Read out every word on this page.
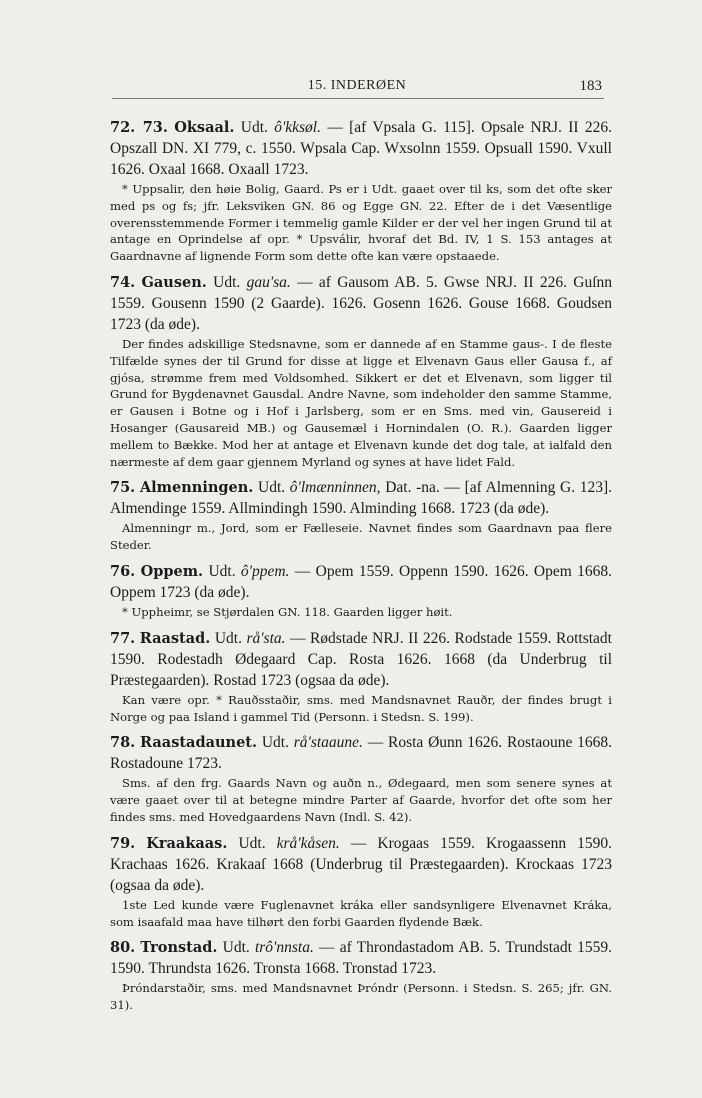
15. INDERØEN	183

72. 73. Oksaal. Udt. ô'kksøl. — [af Vpsala G. 115]. Opsale NRJ. II 226. Opszall DN. XI 779, c. 1550. Wpsala Cap. Wxsolnn 1559. Opsuall 1590. Vxull 1626. Oxaal 1668. Oxaall 1723.

* Uppsalir, den høie Bolig, Gaard. Ps er i Udt. gaaet over til ks, som det ofte sker med ps og fs; jfr. Leksviken GN. 86 og Egge GN. 22. Efter de i det Væsentlige overensstemmende Former i temmelig gamle Kilder er der vel her ingen Grund til at antage en Oprindelse af opr. * Upsválir, hvoraf det Bd. IV, 1 S. 153 antages at Gaardnavne af lignende Form som dette ofte kan være opstaaede.

74. Gausen. Udt. gau'sa. — af Gausom AB. 5. Gwse NRJ. II 226. Guſnn 1559. Gousenn 1590 (2 Gaarde). 1626. Gosenn 1626. Gouse 1668. Goudsen 1723 (da øde).

Der findes adskillige Stedsnavne, som er dannede af en Stamme gaus-. I de fleste Tilfælde synes der til Grund for disse at ligge et Elvenavn Gaus eller Gausa f., af gjósa, strømme frem med Voldsomhed. Sikkert er det et Elvenavn, som ligger til Grund for Bygdenavnet Gausdal. Andre Navne, som indeholder den samme Stamme, er Gausen i Botne og i Hof i Jarlsberg, som er en Sms. med vin, Gausereid i Hosanger (Gausareid MB.) og Gausemæl i Hornindalen (O. R.). Gaarden ligger mellem to Bække. Mod her at antage et Elvenavn kunde det dog tale, at ialfald den nærmeste af dem gaar gjennem Myrland og synes at have lidet Fald.

75. Almenningen. Udt. ô'lmænninnen, Dat. -na. — [af Almenning G. 123]. Almendinge 1559. Allmindingh 1590. Alminding 1668. 1723 (da øde).

Almenningr m., Jord, som er Fælleseie. Navnet findes som Gaardnavn paa flere Steder.

76. Oppem. Udt. ô'ppem. — Opem 1559. Oppenn 1590. 1626. Opem 1668. Oppem 1723 (da øde).

* Uppheimr, se Stjørdalen GN. 118. Gaarden ligger høit.

77. Raastad. Udt. rå'sta. — Rødstade NRJ. II 226. Rodstade 1559. Rottstadt 1590. Rodestadh Ødegaard Cap. Rosta 1626. 1668 (da Underbrug til Præstegaarden). Rostad 1723 (ogsaa da øde).

Kan være opr. * Rauðsstaðir, sms. med Mandsnavnet Rauðr, der findes brugt i Norge og paa Island i gammel Tid (Personn. i Stedsn. S. 199).

78. Raastadaunet. Udt. rå'staaune. — Rosta Øunn 1626. Rostaoune 1668. Rostadoune 1723.

Sms. af den frg. Gaards Navn og auðn n., Ødegaard, men som senere synes at være gaaet over til at betegne mindre Parter af Gaarde, hvorfor det ofte som her findes sms. med Hovedgaardens Navn (Indl. S. 42).

79. Kraakaas. Udt. krå'kåsen. — Krogaas 1559. Krogaassenn 1590. Krachaas 1626. Krakaaſ 1668 (Underbrug til Præstegaarden). Krockaas 1723 (ogsaa da øde).

1ste Led kunde være Fuglenavnet kráka eller sandsynligere Elvenavnet Kráka, som isaafald maa have tilhørt den forbi Gaarden flydende Bæk.

80. Tronstad. Udt. trô'nnsta. — af Throndastadom AB. 5. Trundstadt 1559. 1590. Thrundsta 1626. Tronsta 1668. Tronstad 1723.

Þróndarstaðir, sms. med Mandsnavnet Þróndr (Personn. i Stedsn. S. 265; jfr. GN. 31).
